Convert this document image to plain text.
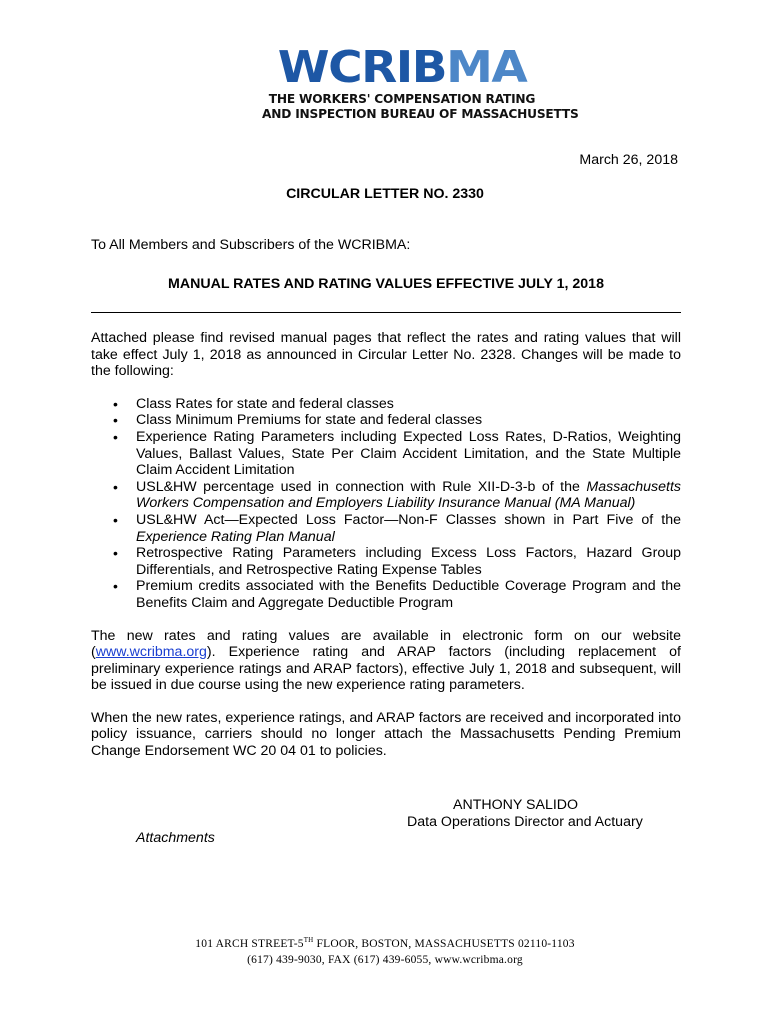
WCRIBMA
THE WORKERS' COMPENSATION RATING
AND INSPECTION BUREAU OF MASSACHUSETTS
March 26, 2018
CIRCULAR LETTER NO. 2330
To All Members and Subscribers of the WCRIBMA:
MANUAL RATES AND RATING VALUES EFFECTIVE JULY 1, 2018

Attached please find revised manual pages that reflect the rates and rating values that will take effect July 1, 2018 as announced in Circular Letter No. 2328. Changes will be made to the following:

• Class Rates for state and federal classes
• Class Minimum Premiums for state and federal classes
• Experience Rating Parameters including Expected Loss Rates, D-Ratios, Weighting Values, Ballast Values, State Per Claim Accident Limitation, and the State Multiple Claim Accident Limitation
• USL&HW percentage used in connection with Rule XII-D-3-b of the Massachusetts Workers Compensation and Employers Liability Insurance Manual (MA Manual)
• USL&HW Act—Expected Loss Factor—Non-F Classes shown in Part Five of the Experience Rating Plan Manual
• Retrospective Rating Parameters including Excess Loss Factors, Hazard Group Differentials, and Retrospective Rating Expense Tables
• Premium credits associated with the Benefits Deductible Coverage Program and the Benefits Claim and Aggregate Deductible Program

The new rates and rating values are available in electronic form on our website (www.wcribma.org). Experience rating and ARAP factors (including replacement of preliminary experience ratings and ARAP factors), effective July 1, 2018 and subsequent, will be issued in due course using the new experience rating parameters.

When the new rates, experience ratings, and ARAP factors are received and incorporated into policy issuance, carriers should no longer attach the Massachusetts Pending Premium Change Endorsement WC 20 04 01 to policies.

ANTHONY SALIDO
Data Operations Director and Actuary
Attachments
101 ARCH STREET-5TH FLOOR, BOSTON, MASSACHUSETTS 02110-1103
(617) 439-9030, FAX (617) 439-6055, www.wcribma.org
